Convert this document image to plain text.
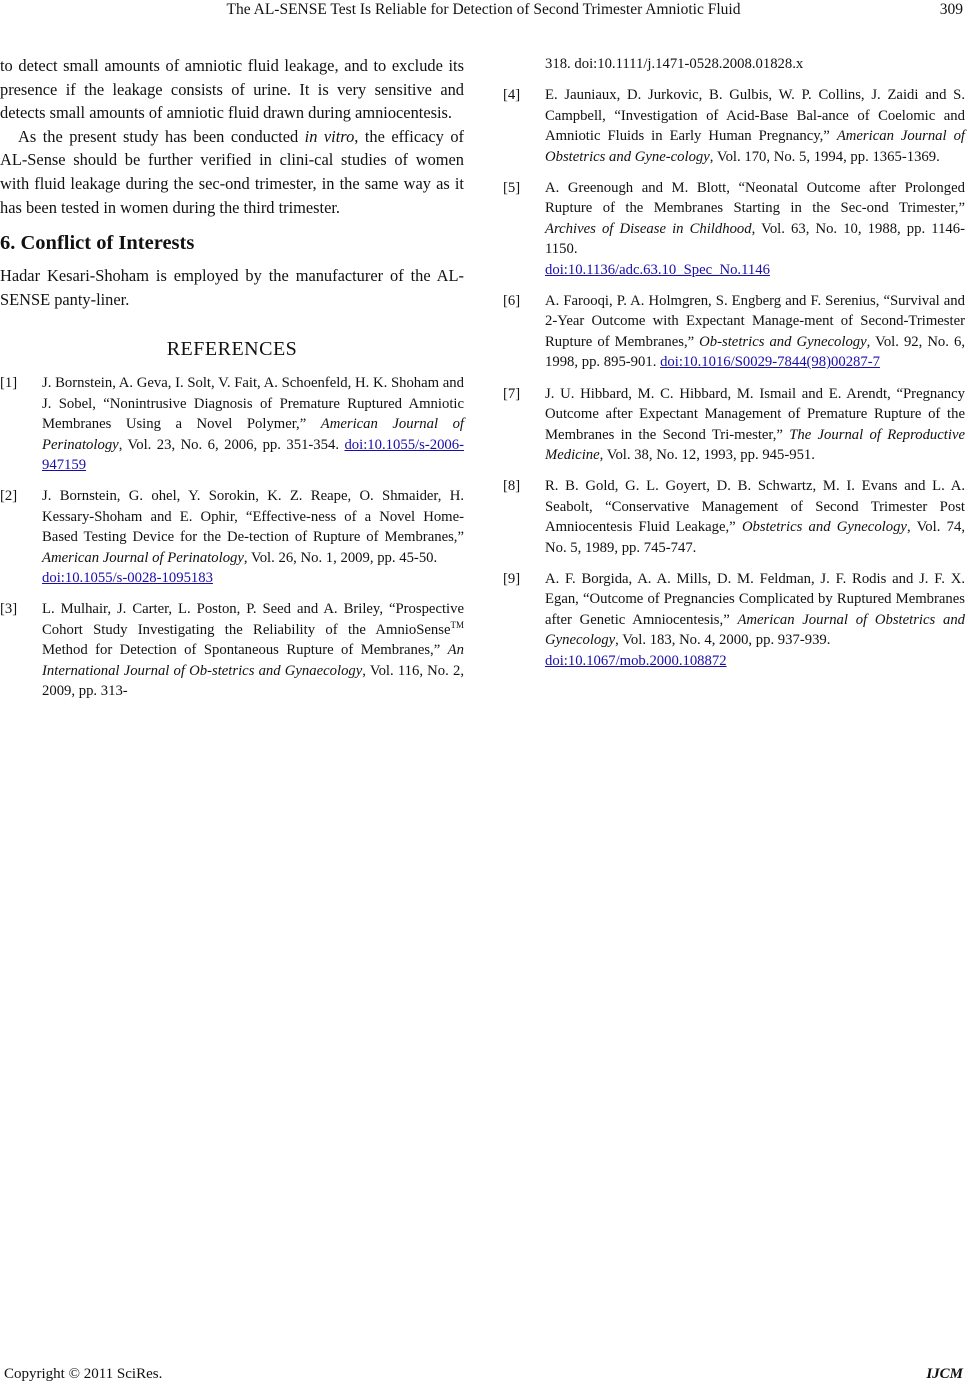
The AL-SENSE Test Is Reliable for Detection of Second Trimester Amniotic Fluid	309

to detect small amounts of amniotic fluid leakage, and to exclude its presence if the leakage consists of urine. It is very sensitive and detects small amounts of amniotic fluid drawn during amniocentesis.

As the present study has been conducted in vitro, the efficacy of AL-Sense should be further verified in clini-cal studies of women with fluid leakage during the sec-ond trimester, in the same way as it has been tested in women during the third trimester.

6. Conflict of Interests

Hadar Kesari-Shoham is employed by the manufacturer of the AL-SENSE panty-liner.

REFERENCES
[1] J. Bornstein, A. Geva, I. Solt, V. Fait, A. Schoenfeld, H. K. Shoham and J. Sobel, “Nonintrusive Diagnosis of Premature Ruptured Amniotic Membranes Using a Novel Polymer,” American Journal of Perinatology, Vol. 23, No. 6, 2006, pp. 351-354. doi:10.1055/s-2006-947159
[2] J. Bornstein, G. ohel, Y. Sorokin, K. Z. Reape, O. Shmaider, H. Kessary-Shoham and E. Ophir, “Effective-ness of a Novel Home-Based Testing Device for the De-tection of Rupture of Membranes,” American Journal of Perinatology, Vol. 26, No. 1, 2009, pp. 45-50.
doi:10.1055/s-0028-1095183
[3] L. Mulhair, J. Carter, L. Poston, P. Seed and A. Briley, “Prospective Cohort Study Investigating the Reliability of the AmnioSense™ Method for Detection of Spontaneous Rupture of Membranes,” An International Journal of Ob-stetrics and Gynaecology, Vol. 116, No. 2, 2009, pp. 313-
318. doi:10.1111/j.1471-0528.2008.01828.x
[4] E. Jauniaux, D. Jurkovic, B. Gulbis, W. P. Collins, J. Zaidi and S. Campbell, “Investigation of Acid-Base Bal-ance of Coelomic and Amniotic Fluids in Early Human Pregnancy,” American Journal of Obstetrics and Gyne-cology, Vol. 170, No. 5, 1994, pp. 1365-1369.
[5] A. Greenough and M. Blott, “Neonatal Outcome after Prolonged Rupture of the Membranes Starting in the Sec-ond Trimester,” Archives of Disease in Childhood, Vol. 63, No. 10, 1988, pp. 1146-1150.
doi:10.1136/adc.63.10_Spec_No.1146
[6] A. Farooqi, P. A. Holmgren, S. Engberg and F. Serenius, “Survival and 2-Year Outcome with Expectant Manage-ment of Second-Trimester Rupture of Membranes,” Ob-stetrics and Gynecology, Vol. 92, No. 6, 1998, pp. 895-901. doi:10.1016/S0029-7844(98)00287-7
[7] J. U. Hibbard, M. C. Hibbard, M. Ismail and E. Arendt, “Pregnancy Outcome after Expectant Management of Premature Rupture of the Membranes in the Second Tri-mester,” The Journal of Reproductive Medicine, Vol. 38, No. 12, 1993, pp. 945-951.
[8] R. B. Gold, G. L. Goyert, D. B. Schwartz, M. I. Evans and L. A. Seabolt, “Conservative Management of Second Trimester Post Amniocentesis Fluid Leakage,” Obstetrics and Gynecology, Vol. 74, No. 5, 1989, pp. 745-747.
[9] A. F. Borgida, A. A. Mills, D. M. Feldman, J. F. Rodis and J. F. X. Egan, “Outcome of Pregnancies Complicated by Ruptured Membranes after Genetic Amniocentesis,” American Journal of Obstetrics and Gynecology, Vol. 183, No. 4, 2000, pp. 937-939.
doi:10.1067/mob.2000.108872
Copyright © 2011 SciRes.	IJCM
